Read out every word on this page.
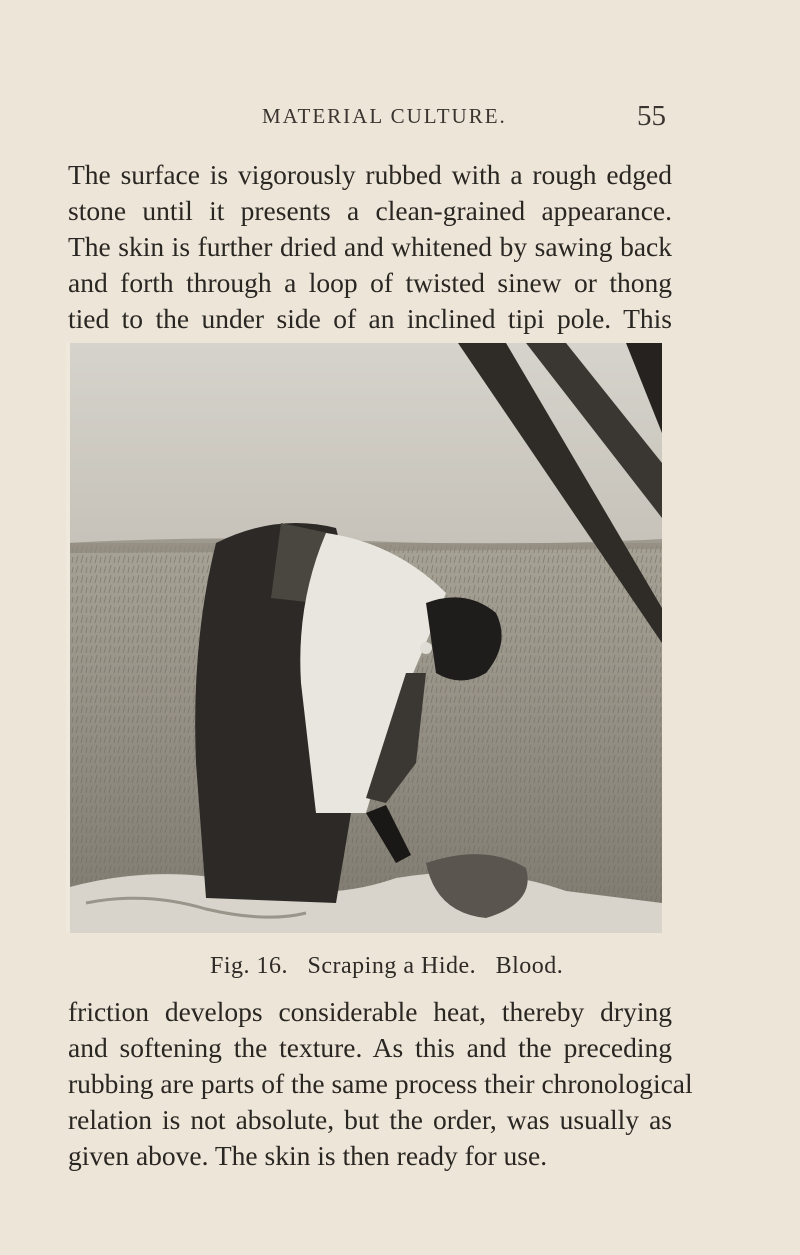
MATERIAL CULTURE.	55

The surface is vigorously rubbed with a rough edged
stone until it presents a clean-grained appearance.
The skin is further dried and whitened by sawing back
and forth through a loop of twisted sinew or thong
tied to the under side of an inclined tipi pole. This

Fig. 16.   Scraping a Hide.   Blood.

friction develops considerable heat, thereby drying
and softening the texture. As this and the preceding
rubbing are parts of the same process their chronological
relation is not absolute, but the order, was usually as
given above. The skin is then ready for use.
